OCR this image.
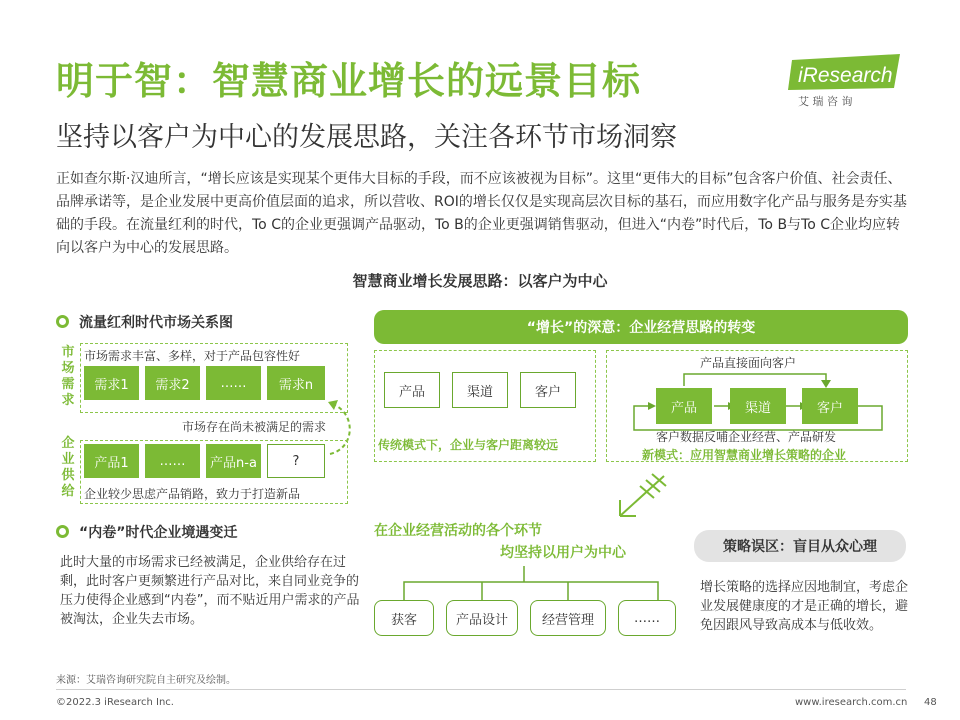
明于智：智慧商业增长的远景目标
坚持以客户为中心的发展思路，关注各环节市场洞察
iResearch
艾 瑞 咨 询
正如查尔斯·汉迪所言，“增长应该是实现某个更伟大目标的手段，而不应该被视为目标”。这里“更伟大的目标”包含客户价值、社会责任、品牌承诺等，是企业发展中更高价值层面的追求，所以营收、ROI的增长仅仅是实现高层次目标的基石，而应用数字化产品与服务是夯实基础的手段。在流量红利的时代，To C的企业更强调产品驱动，To B的企业更强调销售驱动，但进入“内卷”时代后，To B与To C企业均应转向以客户为中心的发展思路。
智慧商业增长发展思路：以客户为中心
流量红利时代市场关系图
市场需求
市场需求丰富、多样，对于产品包容性好
需求1	需求2	……	需求n
市场存在尚未被满足的需求
企业供给
产品1	……	产品n-a	?
企业较少思虑产品销路，致力于打造新品
“内卷”时代企业境遇变迁
此时大量的市场需求已经被满足，企业供给存在过剩，此时客户更频繁进行产品对比，来自同业竞争的压力使得企业感到“内卷”，而不贴近用户需求的产品被淘汰，企业失去市场。
“增长”的深意：企业经营思路的转变
产品	渠道	客户
传统模式下，企业与客户距离较远
产品直接面向客户
产品	渠道	客户
客户数据反哺企业经营、产品研发
新模式：应用智慧商业增长策略的企业
在企业经营活动的各个环节
均坚持以用户为中心
获客	产品设计	经营管理	……
策略误区：盲目从众心理
增长策略的选择应因地制宜，考虑企业发展健康度的才是正确的增长，避免因跟风导致高成本与低收效。
来源：艾瑞咨询研究院自主研究及绘制。
©2022.3 iResearch Inc.	www.iresearch.com.cn 48
